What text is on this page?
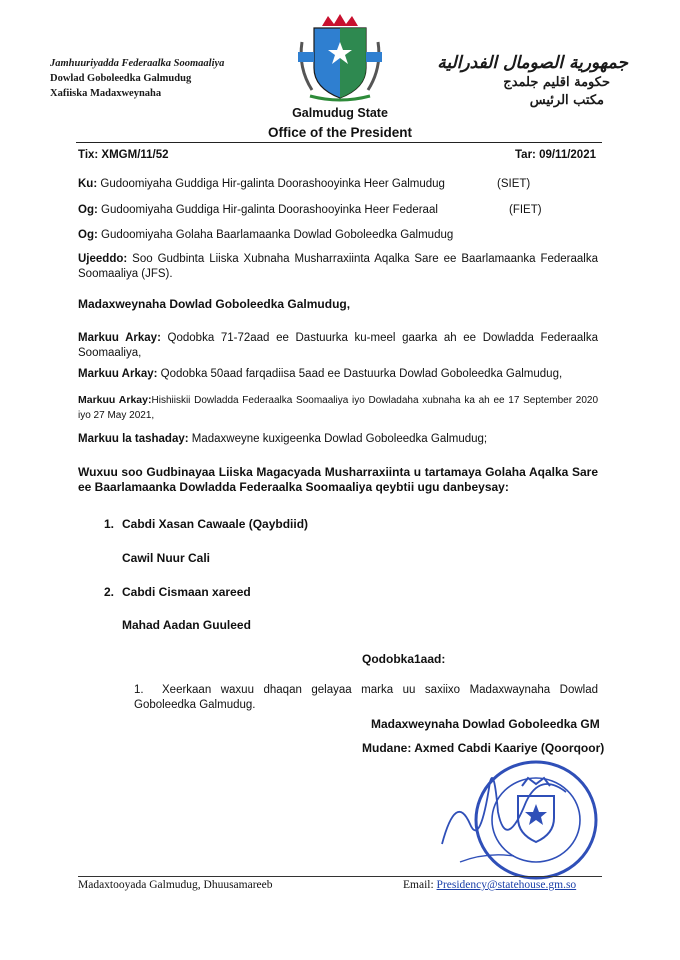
Jamhuuriyadda Federaalka Soomaaliya
Dowlad Goboleedka Galmudug
Xafiiska Madaxweynaha
جمهورية الصومال الفدرالية
حكومة اقليم جلمدج
مكتب الرئيس
Galmudug State
Office of the President
Tix: XMGM/11/52	Tar: 09/11/2021
Ku: Gudoomiyaha Guddiga Hir-galinta Doorashooyinka Heer Galmudug	(SIET)
Og: Gudoomiyaha Guddiga Hir-galinta Doorashooyinka Heer Federaal	(FIET)
Og: Gudoomiyaha Golaha Baarlamaanka Dowlad Goboleedka Galmudug
Ujeeddo: Soo Gudbinta Liiska Xubnaha Musharraxiinta Aqalka Sare ee Baarlamaanka Federaalka Soomaaliya (JFS).
Madaxweynaha Dowlad Goboleedka Galmudug,
Markuu Arkay: Qodobka 71-72aad ee Dastuurka ku-meel gaarka ah ee Dowladda Federaalka Soomaaliya,
Markuu Arkay: Qodobka 50aad farqadiisa 5aad ee Dastuurka Dowlad Goboleedka Galmudug,
Markuu Arkay:Hishiiskii Dowladda Federaalka Soomaaliya iyo Dowladaha xubnaha ka ah ee 17 September 2020 iyo 27 May 2021,
Markuu la tashaday: Madaxweyne kuxigeenka Dowlad Goboleedka Galmudug;
Wuxuu soo Gudbinayaa Liiska Magacyada Musharraxiinta u tartamaya Golaha Aqalka Sare ee Baarlamaanka Dowladda Federaalka Soomaaliya qeybtii ugu danbeysay:
1. Cabdi Xasan Cawaale (Qaybdiid)
Cawil Nuur Cali
2. Cabdi Cismaan xareed
Mahad Aadan Guuleed
Qodobka1aad:
1.	Xeerkaan waxuu dhaqan gelayaa marka uu saxiixo Madaxwaynaha Dowlad Goboleedka Galmudug.
Madaxweynaha Dowlad Goboleedka GM
Mudane: Axmed Cabdi Kaariye (Qoorqoor)
Madaxtooyada Galmudug, Dhuusamareeb	Email: Presidency@statehouse.gm.so
